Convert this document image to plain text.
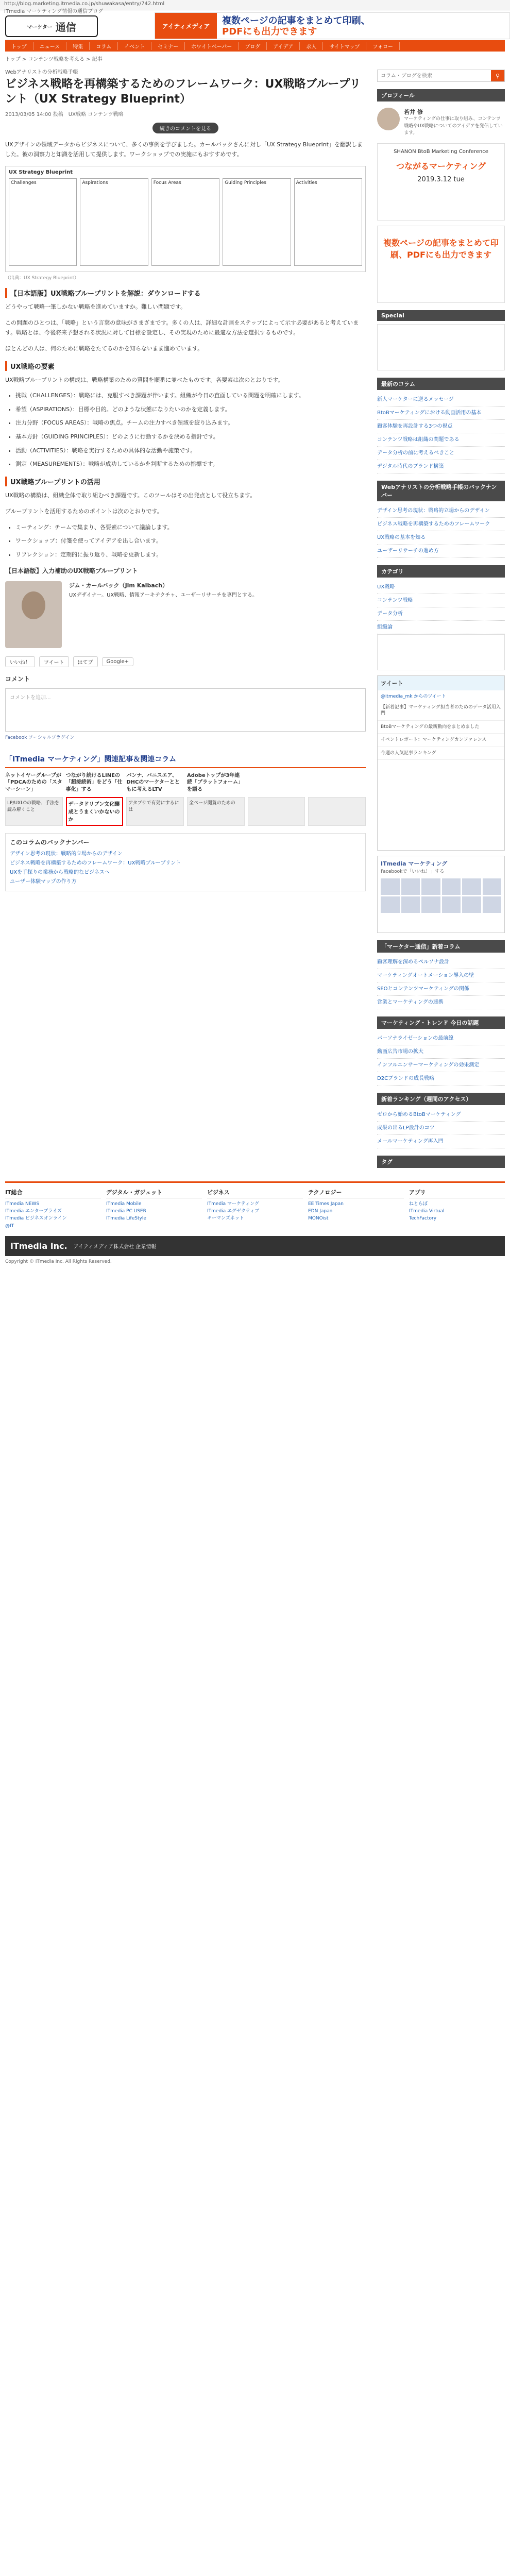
http://blog.marketing.itmedia.co.jp/shuwakasa/entry/742.html
ITmedia マーケティング情報の通信ブログ
マーケター 通信	アイティメディア	複数ページの記事をまとめて印刷、
PDFにも出力できます
トップ	ニュース	特集	コラム	イベント	セミナー	ホワイトペーパー	ブログ	アイデア	求人	サイトマップ	フォロー
トップ > コンテンツ戦略を考える > 記事
Webアナリストの分析戦略手帳
ビジネス戦略を再構築するためのフレームワーク：UX戦略ブループリント（UX Strategy Blueprint）
2013/03/05 14:00 投稿　UX戦略 コンテンツ戦略
続きのコメントを見る

UXデザインの領域データからビジネスについて、多くの事例を学びました。カールバックさんに対し「UX Strategy Blueprint」を翻訳しました。彼の洞察力と知識を活用して提供します。ワークショップでの実施にもおすすめです。

UX Strategy Blueprint
Challenges	Aspirations	Focus Areas	Guiding Principles	Activities
（出典：UX Strategy Blueprint）
【日本語版】UX戦略ブループリントを解説：ダウンロードする

どうやって戦略一筆しかない戦略を進めていますか。難しい問題です。

この問題のひとつは、「戦略」という言葉の意味がさまざまです。多くの人は、詳細な計画をステップによって示す必要があると考えています。戦略とは、今後将来予想される状況に対して目標を設定し、その実現のために最適な方法を選択するものです。

ほとんどの人は、何のために戦略をたてるのかを知らないまま進めています。

UX戦略の要素

UX戦略ブループリントの構成は、戦略構築のための質問を順番に並べたものです。各要素は次のとおりです。

• 挑戦（CHALLENGES）：戦略には、克服すべき課題が伴います。組織が今日の直面している問題を明確にします。
• 希望（ASPIRATIONS）：目標や目的。どのような状態になりたいのかを定義します。
• 注力分野（FOCUS AREAS）：戦略の焦点。チームの注力すべき領域を絞り込みます。
• 基本方針（GUIDING PRINCIPLES）：どのように行動するかを決める指針です。
• 活動（ACTIVITIES）：戦略を実行するための具体的な活動や施策です。
• 測定（MEASUREMENTS）：戦略が成功しているかを判断するための指標です。
UX戦略ブループリントの活用

UX戦略の構築は、組織全体で取り組むべき課題です。このツールはその出発点として役立ちます。

ブループリントを活用するためのポイントは次のとおりです。

• ミーティング：チームで集まり、各要素について議論します。
• ワークショップ：付箋を使ってアイデアを出し合います。
• リフレクション：定期的に振り返り、戦略を更新します。
【日本語版】入力補助のUX戦略ブループリント
ジム・カールバック（Jim Kalbach）
UXデザイナー。UX戦略、情報アーキテクチャ、ユーザーリサーチを専門とする。
いいね！	ツイート	はてブ	Google+
コメント
コメントを追加...
Facebook ソーシャルプラグイン
「ITmedia マーケティング」関連記事＆関連コラム
ネットイヤーグループが「PDCAのための「スタマーシーン」
つながり続けるLINEの「超接続術」をどう「仕事化」する
バンナ、パニスエア、DHCのマーケターとともに考えるLTV
Adobeトップが3年連続「プラットフォーム」を語る
LP/UXLOの戦略、手法を読み解くこと
データドリブン文化醸成とうまくいかないのか
アタプサで有効にするには
全ページ閲覧のための
このコラムのバックナンバー
デザイン思考の現状：戦略的立場からのデザイン
ビジネス戦略を再構築するためのフレームワーク：UX戦略ブループリント
UXを手探りの業務から戦略的なビジネスへ
ユーザー体験マップの作り方
コラム・ブログを検索
⚲
プロフィール
若井 修
マーケティングの仕事に取り組み、コンテンツ戦略やUX戦略についてのアイデアを発信しています。
SHANON BtoB Marketing Conference
つながるマーケティング
2019.3.12 tue
複数ページの記事をまとめて印刷、PDFにも出力できます
Special
最新のコラム
新人マーケターに送るメッセージ
BtoBマーケティングにおける動画活用の基本
顧客体験を再設計する3つの視点
コンテンツ戦略は組織の問題である
データ分析の前に考えるべきこと
デジタル時代のブランド構築
Webアナリストの分析戦略手帳のバックナンバー
デザイン思考の現状：戦略的立場からのデザイン
ビジネス戦略を再構築するためのフレームワーク
UX戦略の基本を知る
ユーザーリサーチの進め方
カテゴリ
UX戦略
コンテンツ戦略
データ分析
組織論
ツイート
@itmedia_mk からのツイート
【新着記事】マーケティング担当者のためのデータ活用入門
BtoBマーケティングの最新動向をまとめました
イベントレポート：マーケティングカンファレンス
今週の人気記事ランキング
ITmedia マーケティング
Facebookで「いいね！」する
「マーケター通信」新着コラム
顧客理解を深めるペルソナ設計
マーケティングオートメーション導入の壁
SEOとコンテンツマーケティングの関係
営業とマーケティングの連携
マーケティング・トレンド 今日の話題
パーソナライゼーションの最前線
動画広告市場の拡大
インフルエンサーマーケティングの効果測定
D2Cブランドの成長戦略
新着ランキング（週間のアクセス）
ゼロから始めるBtoBマーケティング
成果の出るLP設計のコツ
メールマーケティング再入門
タグ
IT総合
ITmedia NEWS
ITmedia エンタープライズ
ITmedia ビジネスオンライン
@IT
デジタル・ガジェット
ITmedia Mobile
ITmedia PC USER
ITmedia LifeStyle
ビジネス
ITmedia マーケティング
ITmedia エグゼクティブ
キーマンズネット
テクノロジー
EE Times Japan
EDN Japan
MONOist
アプリ
ねとらぼ
ITmedia Virtual
TechFactory
ITmedia Inc. アイティメディア株式会社 企業情報
Copyright © ITmedia Inc. All Rights Reserved.
